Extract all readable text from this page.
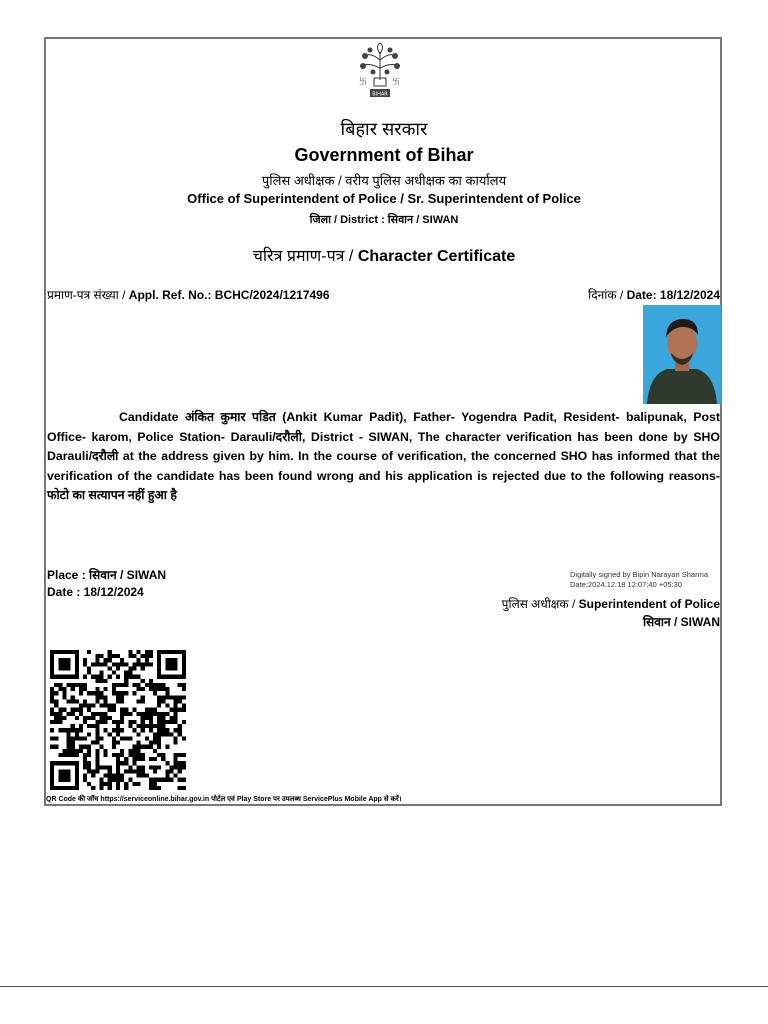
卐	卐
BIHAR
बिहार सरकार
Government of Bihar
पुलिस अधीक्षक / वरीय पुलिस अधीक्षक का कार्यालय
Office of Superintendent of Police / Sr. Superintendent of Police
जिला / District : सिवान / SIWAN
चरित्र प्रमाण-पत्र / Character Certificate
प्रमाण-पत्र संख्या / Appl. Ref. No.: BCHC/2024/1217496	दिनांक / Date: 18/12/2024
Candidate अंकित कुमार पडित (Ankit Kumar Padit), Father- Yogendra Padit, Resident- balipunak, Post Office- karom, Police Station- Darauli/दरौली, District - SIWAN, The character verification has been done by SHO Darauli/दरौली at the address given by him. In the course of verification, the concerned SHO has informed that the verification of the candidate has been found wrong and his application is rejected due to the following reasons- फोटो का सत्यापन नहीं हुआ है
Place : सिवान / SIWAN
Date : 18/12/2024
Digitally signed by Bipin Narayan Sharma
Date:2024.12.18 12:07:40 +05:30
पुलिस अधीक्षक / Superintendent of Police
सिवान / SIWAN
QR Code की जाँच https://serviceonline.bihar.gov.in पोर्टल एवं Play Store पर उपलब्ध ServicePlus Mobile App से करें।
